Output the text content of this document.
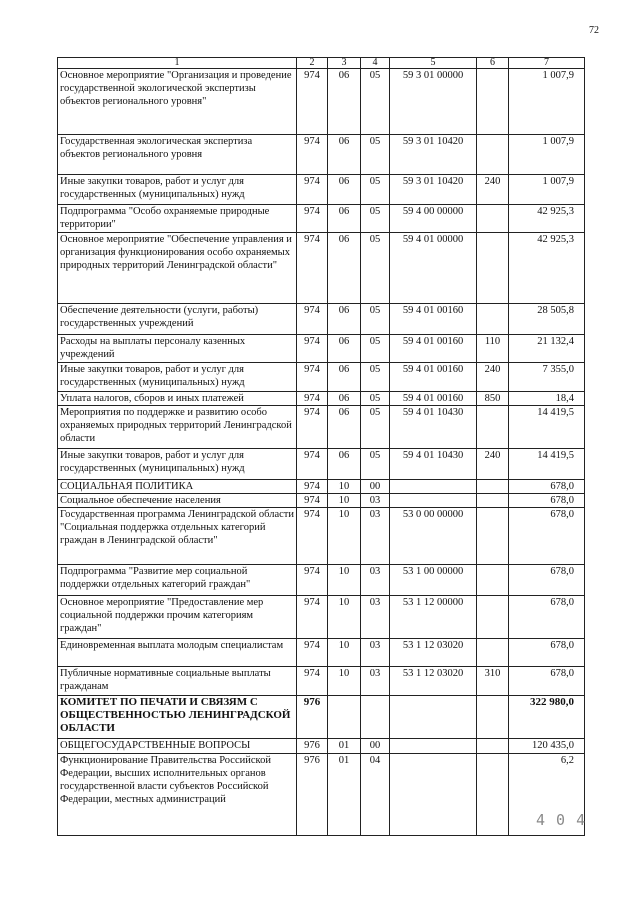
72
1	2	3	4	5	6	7
Основное мероприятие "Организация и проведение государственной экологической экспертизы объектов регионального уровня"	974	06	05	59 3 01 00000		1 007,9
Государственная экологическая экспертиза объектов регионального уровня	974	06	05	59 3 01 10420		1 007,9
Иные закупки товаров, работ и услуг для государственных (муниципальных) нужд	974	06	05	59 3 01 10420	240	1 007,9
Подпрограмма "Особо охраняемые природные территории"	974	06	05	59 4 00 00000		42 925,3
Основное мероприятие "Обеспечение управления и организация функционирования особо охраняемых природных территорий Ленинградской области"	974	06	05	59 4 01 00000		42 925,3
Обеспечение деятельности (услуги, работы) государственных учреждений	974	06	05	59 4 01 00160		28 505,8
Расходы на выплаты персоналу казенных учреждений	974	06	05	59 4 01 00160	110	21 132,4
Иные закупки товаров, работ и услуг для государственных (муниципальных) нужд	974	06	05	59 4 01 00160	240	7 355,0
Уплата налогов, сборов и иных платежей	974	06	05	59 4 01 00160	850	18,4
Мероприятия по поддержке и развитию особо охраняемых природных территорий Ленинградской области	974	06	05	59 4 01 10430		14 419,5
Иные закупки товаров, работ и услуг для государственных (муниципальных) нужд	974	06	05	59 4 01 10430	240	14 419,5
СОЦИАЛЬНАЯ ПОЛИТИКА	974	10	00			678,0
Социальное обеспечение населения	974	10	03			678,0
Государственная программа Ленинградской области "Социальная поддержка отдельных категорий граждан в Ленинградской области"	974	10	03	53 0 00 00000		678,0
Подпрограмма "Развитие мер социальной поддержки отдельных категорий граждан"	974	10	03	53 1 00 00000		678,0
Основное мероприятие "Предоставление мер социальной поддержки прочим категориям граждан"	974	10	03	53 1 12 00000		678,0
Единовременная выплата молодым специалистам	974	10	03	53 1 12 03020		678,0
Публичные нормативные социальные выплаты гражданам	974	10	03	53 1 12 03020	310	678,0
КОМИТЕТ ПО ПЕЧАТИ И СВЯЗЯМ С ОБЩЕСТВЕННОСТЬЮ ЛЕНИНГРАДСКОЙ ОБЛАСТИ	976					322 980,0
ОБЩЕГОСУДАРСТВЕННЫЕ ВОПРОСЫ	976	01	00			120 435,0
Функционирование Правительства Российской Федерации, высших исполнительных органов государственной власти субъектов Российской Федерации, местных администраций	976	01	04			6,2
4 0 4
